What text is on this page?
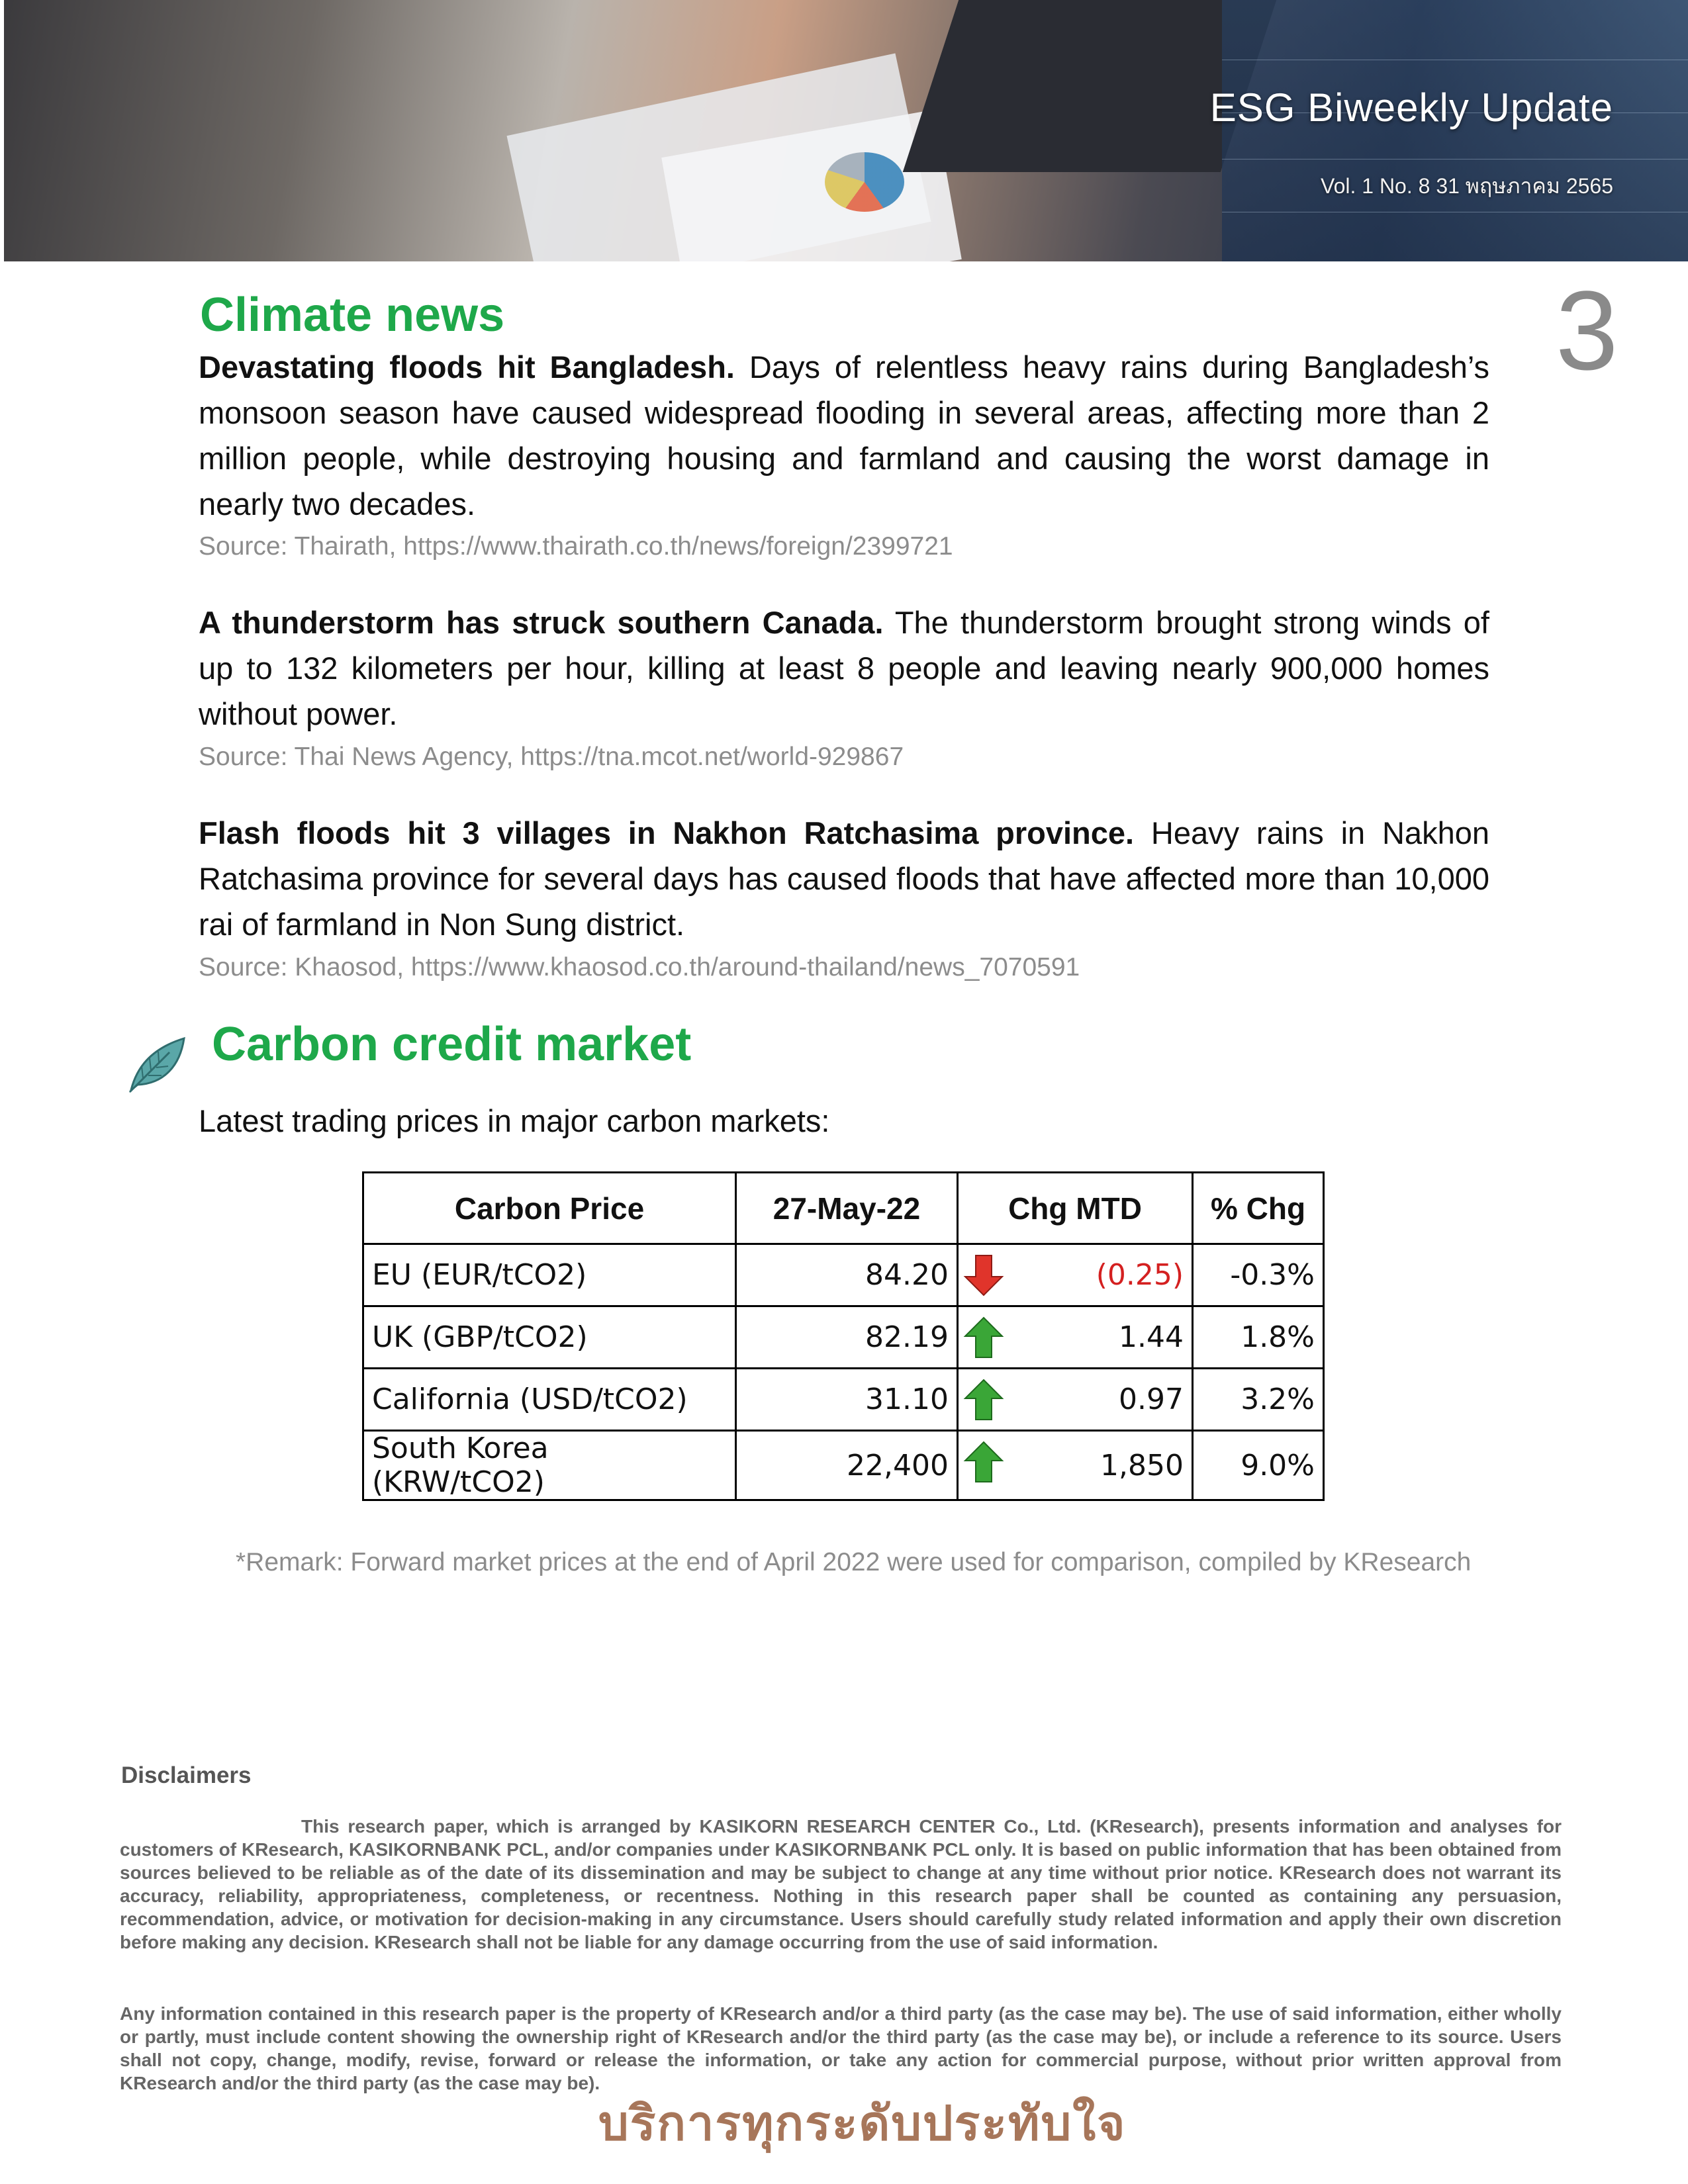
ESG Biweekly Update
Vol. 1 No. 8 31 พฤษภาคม 2565
3
Climate news
Devastating floods hit Bangladesh. Days of relentless heavy rains during Bangladesh’s monsoon season have caused widespread flooding in several areas, affecting more than 2 million people, while destroying housing and farmland and causing the worst damage in nearly two decades.
Source: Thairath, https://www.thairath.co.th/news/foreign/2399721
A thunderstorm has struck southern Canada. The thunderstorm brought strong winds of up to 132 kilometers per hour, killing at least 8 people and leaving nearly 900,000 homes without power.
Source: Thai News Agency, https://tna.mcot.net/world-929867
Flash floods hit 3 villages in Nakhon Ratchasima province. Heavy rains in Nakhon Ratchasima province for several days has caused floods that have affected more than 10,000 rai of farmland in Non Sung district.
Source: Khaosod, https://www.khaosod.co.th/around-thailand/news_7070591
Carbon credit market
Latest trading prices in major carbon markets:
Carbon Price	27-May-22	Chg MTD	% Chg
EU (EUR/tCO2)	84.20	(0.25)	-0.3%
UK (GBP/tCO2)	82.19	1.44	1.8%
California (USD/tCO2)	31.10	0.97	3.2%
South Korea (KRW/tCO2)	22,400	1,850	9.0%
*Remark: Forward market prices at the end of April 2022 were used for comparison, compiled by KResearch
Disclaimers
This research paper, which is arranged by KASIKORN RESEARCH CENTER Co., Ltd. (KResearch), presents information and analyses for customers of KResearch, KASIKORNBANK PCL, and/or companies under KASIKORNBANK PCL only. It is based on public information that has been obtained from sources believed to be reliable as of the date of its dissemination and may be subject to change at any time without prior notice. KResearch does not warrant its accuracy, reliability, appropriateness, completeness, or recentness. Nothing in this research paper shall be counted as containing any persuasion, recommendation, advice, or motivation for decision-making in any circumstance. Users should carefully study related information and apply their own discretion before making any decision. KResearch shall not be liable for any damage occurring from the use of said information.
Any information contained in this research paper is the property of KResearch and/or a third party (as the case may be). The use of said information, either wholly or partly, must include content showing the ownership right of KResearch and/or the third party (as the case may be), or include a reference to its source. Users shall not copy, change, modify, revise, forward or release the information, or take any action for commercial purpose, without prior written approval from KResearch and/or the third party (as the case may be).
บริการทุกระดับประทับใจ
